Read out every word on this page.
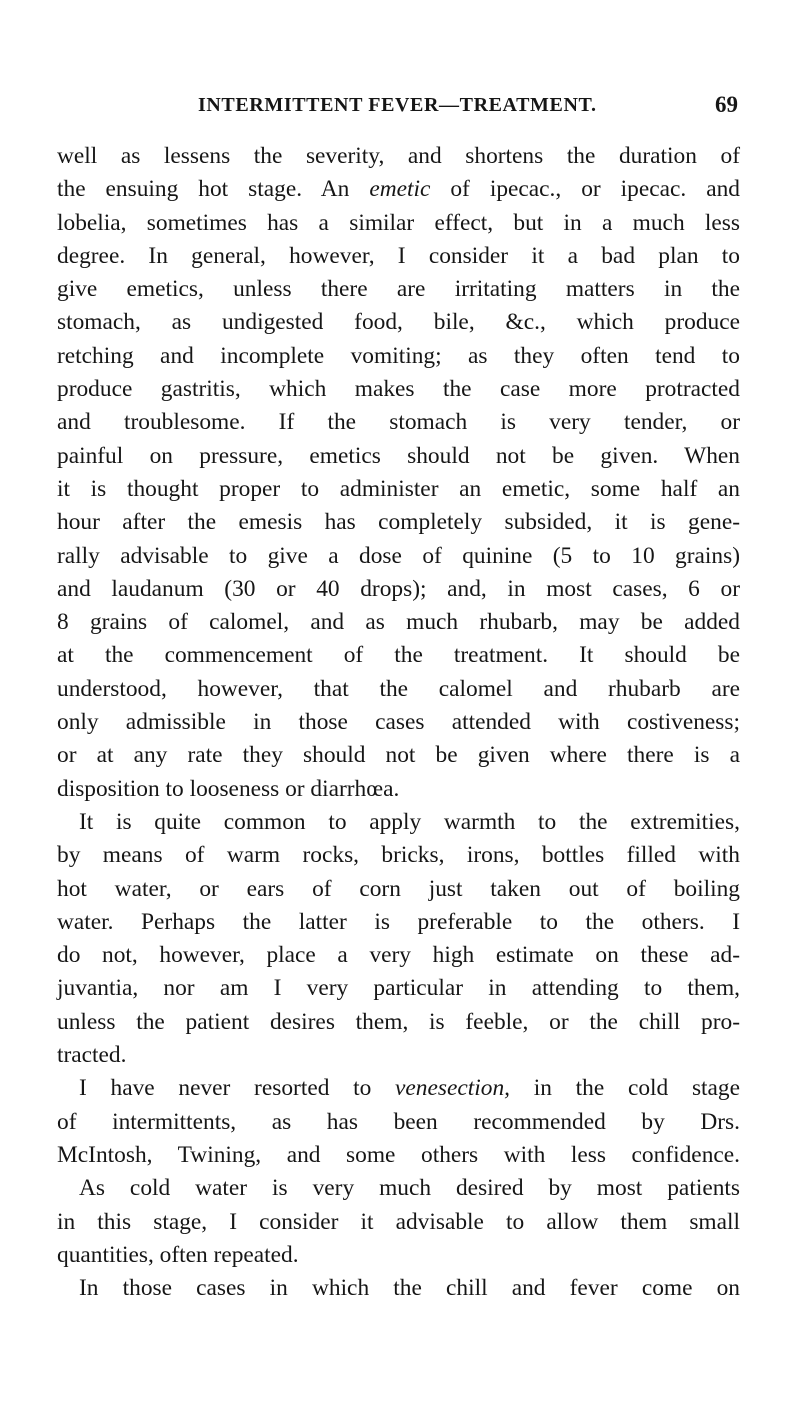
INTERMITTENT FEVER—TREATMENT.	69
well as lessens the severity, and shortens the duration of
the ensuing hot stage. An emetic of ipecac., or ipecac. and
lobelia, sometimes has a similar effect, but in a much less
degree. In general, however, I consider it a bad plan to
give emetics, unless there are irritating matters in the
stomach, as undigested food, bile, &c., which produce
retching and incomplete vomiting; as they often tend to
produce gastritis, which makes the case more protracted
and troublesome. If the stomach is very tender, or
painful on pressure, emetics should not be given. When
it is thought proper to administer an emetic, some half an
hour after the emesis has completely subsided, it is gene-
rally advisable to give a dose of quinine (5 to 10 grains)
and laudanum (30 or 40 drops); and, in most cases, 6 or
8 grains of calomel, and as much rhubarb, may be added
at the commencement of the treatment. It should be
understood, however, that the calomel and rhubarb are
only admissible in those cases attended with costiveness;
or at any rate they should not be given where there is a
disposition to looseness or diarrhœa.
It is quite common to apply warmth to the extremities,
by means of warm rocks, bricks, irons, bottles filled with
hot water, or ears of corn just taken out of boiling
water. Perhaps the latter is preferable to the others. I
do not, however, place a very high estimate on these ad-
juvantia, nor am I very particular in attending to them,
unless the patient desires them, is feeble, or the chill pro-
tracted.
I have never resorted to venesection, in the cold stage
of intermittents, as has been recommended by Drs.
McIntosh, Twining, and some others with less confidence.
As cold water is very much desired by most patients
in this stage, I consider it advisable to allow them small
quantities, often repeated.
In those cases in which the chill and fever come on
